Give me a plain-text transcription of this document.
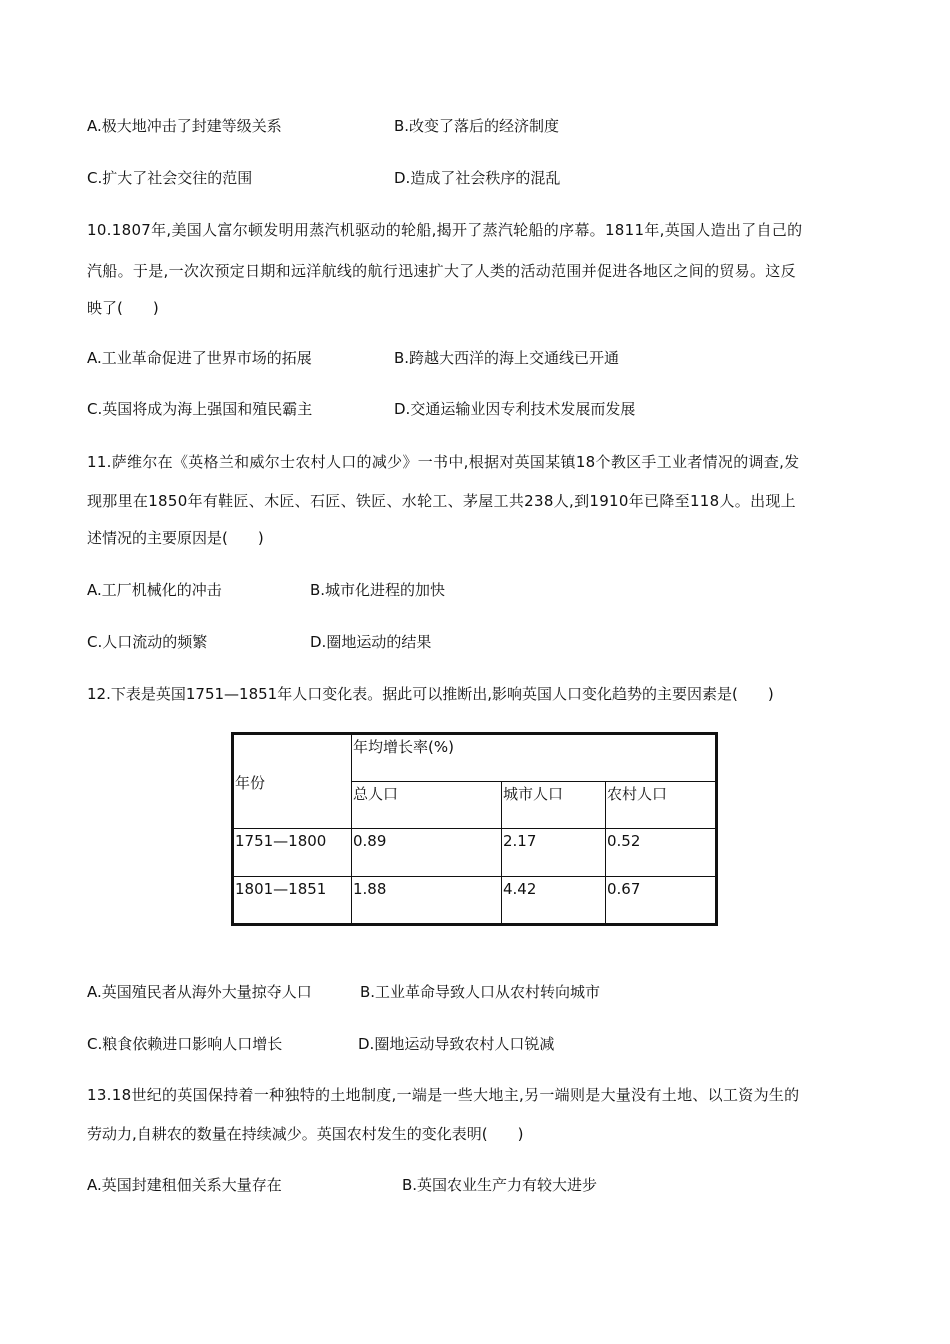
A.极大地冲击了封建等级关系	B.改变了落后的经济制度
C.扩大了社会交往的范围	D.造成了社会秩序的混乱
10.1807年,美国人富尔顿发明用蒸汽机驱动的轮船,揭开了蒸汽轮船的序幕。1811年,英国人造出了自己的
汽船。于是,一次次预定日期和远洋航线的航行迅速扩大了人类的活动范围并促进各地区之间的贸易。这反
映了(　　)
A.工业革命促进了世界市场的拓展	B.跨越大西洋的海上交通线已开通
C.英国将成为海上强国和殖民霸主	D.交通运输业因专利技术发展而发展
11.萨维尔在《英格兰和威尔士农村人口的减少》一书中,根据对英国某镇18个教区手工业者情况的调查,发
现那里在1850年有鞋匠、木匠、石匠、铁匠、水轮工、茅屋工共238人,到1910年已降至118人。出现上
述情况的主要原因是(　　)
A.工厂机械化的冲击	B.城市化进程的加快
C.人口流动的频繁	D.圈地运动的结果
12.下表是英国1751—1851年人口变化表。据此可以推断出,影响英国人口变化趋势的主要因素是(　　)
年份	年均增长率(%)		
	总人口	城市人口	农村人口
1751—1800	0.89	2.17	0.52
1801—1851	1.88	4.42	0.67
A.英国殖民者从海外大量掠夺人口	B.工业革命导致人口从农村转向城市
C.粮食依赖进口影响人口增长	D.圈地运动导致农村人口锐减
13.18世纪的英国保持着一种独特的土地制度,一端是一些大地主,另一端则是大量没有土地、以工资为生的
劳动力,自耕农的数量在持续减少。英国农村发生的变化表明(　　)
A.英国封建租佃关系大量存在	B.英国农业生产力有较大进步
